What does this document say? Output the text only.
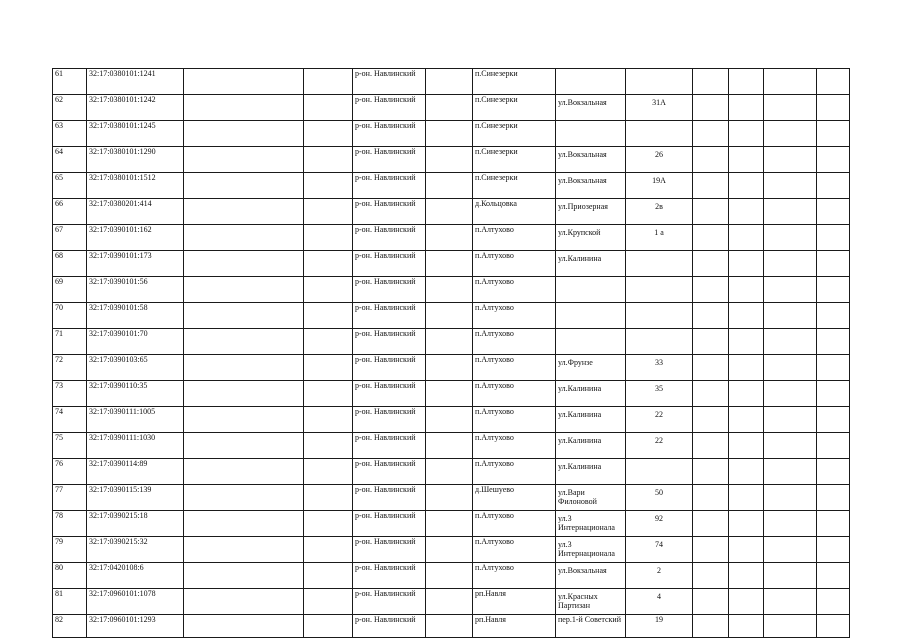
61	32:17:0380101:1241			р-он. Навлинский		п.Синезерки						
62	32:17:0380101:1242			р-он. Навлинский		п.Синезерки	ул.Вокзальная	31А				
63	32:17:0380101:1245			р-он. Навлинский		п.Синезерки						
64	32:17:0380101:1290			р-он. Навлинский		п.Синезерки	ул.Вокзальная	26				
65	32:17:0380101:1512			р-он. Навлинский		п.Синезерки	ул.Вокзальная	19А				
66	32:17:0380201:414			р-он. Навлинский		д.Кольцовка	ул.Приозерная	2в				
67	32:17:0390101:162			р-он. Навлинский		п.Алтухово	ул.Крупской	1 а				
68	32:17:0390101:173			р-он. Навлинский		п.Алтухово	ул.Калинина					
69	32:17:0390101:56			р-он. Навлинский		п.Алтухово						
70	32:17:0390101:58			р-он. Навлинский		п.Алтухово						
71	32:17:0390101:70			р-он. Навлинский		п.Алтухово						
72	32:17:0390103:65			р-он. Навлинский		п.Алтухово	ул.Фрунзе	33				
73	32:17:0390110:35			р-он. Навлинский		п.Алтухово	ул.Калинина	35				
74	32:17:0390111:1005			р-он. Навлинский		п.Алтухово	ул.Калинина	22				
75	32:17:0390111:1030			р-он. Навлинский		п.Алтухово	ул.Калинина	22				
76	32:17:0390114:89			р-он. Навлинский		п.Алтухово	ул.Калинина					
77	32:17:0390115:139			р-он. Навлинский		д.Шешуево	ул.Вари Филоновой	50				
78	32:17:0390215:18			р-он. Навлинский		п.Алтухово	ул.3 Интернационала	92				
79	32:17:0390215:32			р-он. Навлинский		п.Алтухово	ул.3 Интернационала	74				
80	32:17:0420108:6			р-он. Навлинский		п.Алтухово	ул.Вокзальная	2				
81	32:17:0960101:1078			р-он. Навлинский		рп.Навля	ул.Красных Партизан	4				
82	32:17:0960101:1293			р-он. Навлинский		рп.Навля	пер.1-й Советский	19				
